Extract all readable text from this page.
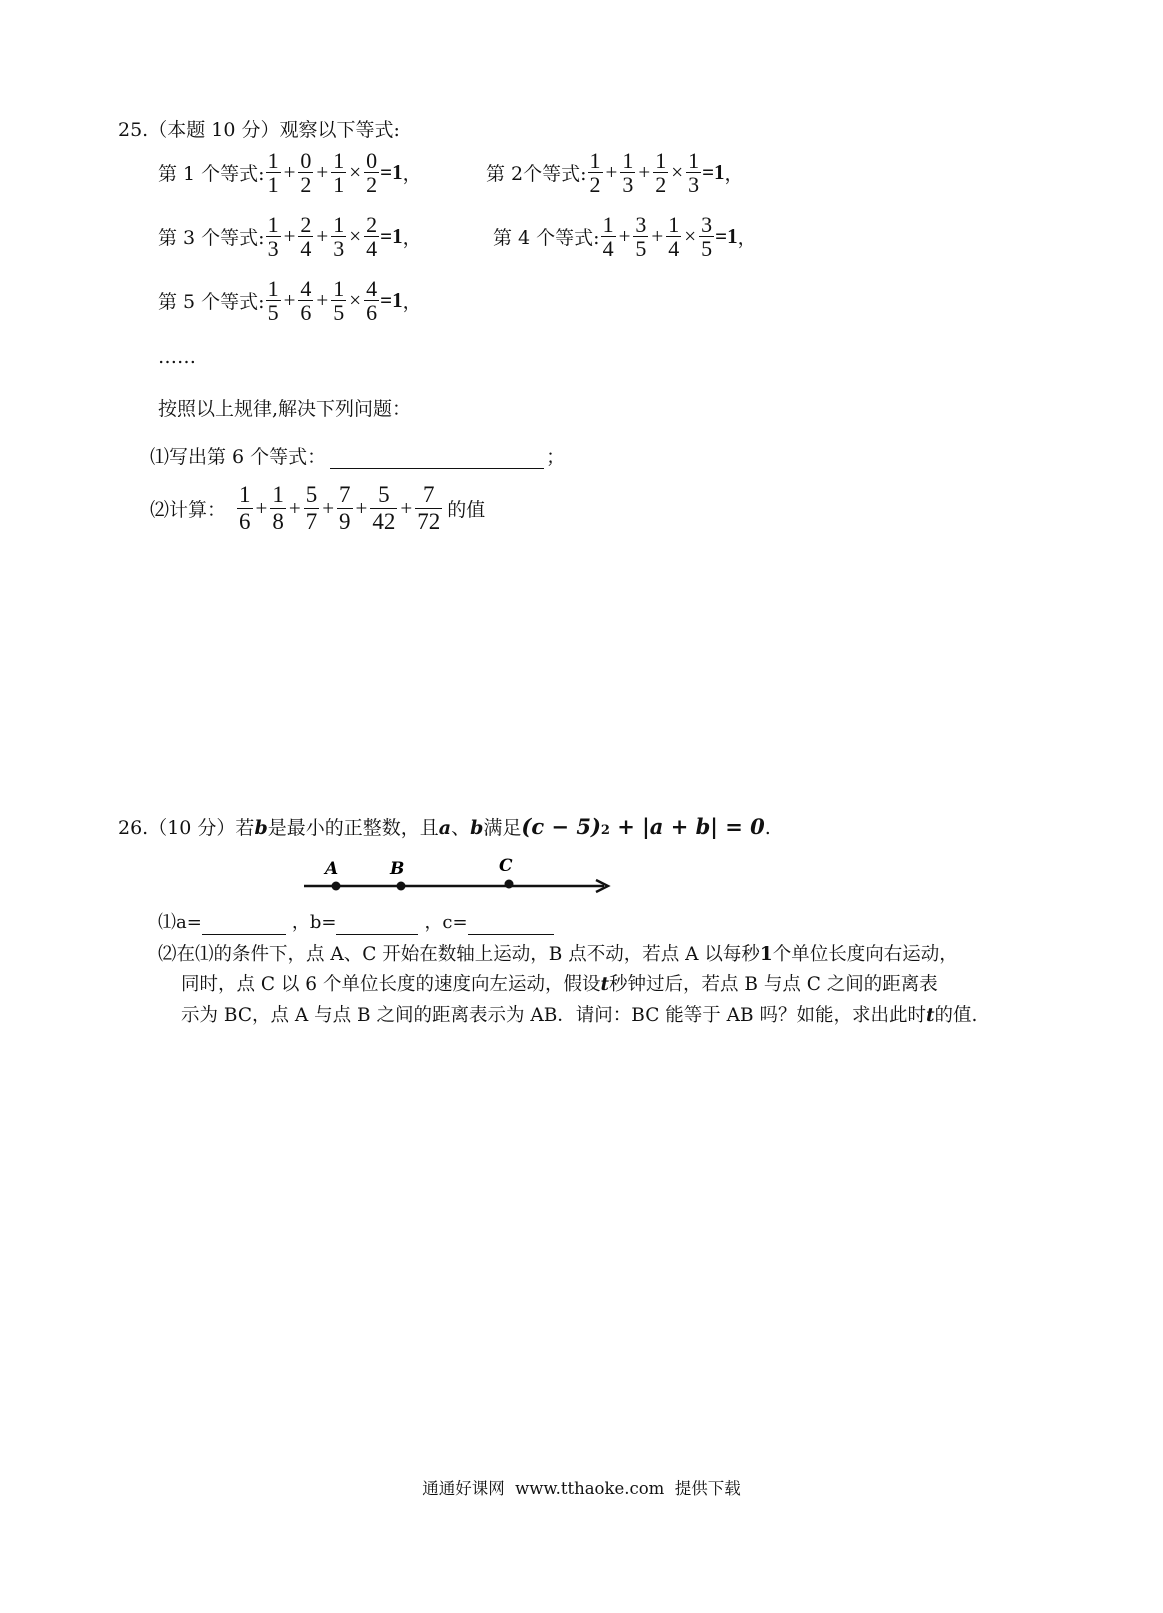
25.（本题 10 分）观察以下等式:
第 1 个等式: $\frac{1}{1} + \frac{0}{2} + \frac{1}{1} \times \frac{0}{2} =1$ ，	第 2个等式: $\frac{1}{2} + \frac{1}{3} + \frac{1}{2} \times \frac{1}{3} =1$ ，
第 3 个等式: $\frac{1}{3} + \frac{2}{4} + \frac{1}{3} \times \frac{2}{4} =1$ ，	第 4 个等式: $\frac{1}{4} + \frac{3}{5} + \frac{1}{4} \times \frac{3}{5} =1$ ，
第 5 个等式: $\frac{1}{5} + \frac{4}{6} + \frac{1}{5} \times \frac{4}{6} =1$ ，
……
按照以上规律,解决下列问题：
⑴写出第 6 个等式：	；
⑵计算： $\frac{1}{6} + \frac{1}{8} + \frac{5}{7} + \frac{7}{9} + \frac{5}{42} + \frac{7}{72}$ 的值
26.（10 分）若 b 是最小的正整数，且 a 、 b 满足 $(c - 5)_2 + |a + b| = 0$ .
A	B	C
⑴a=	，b=	，c=
⑵在⑴的条件下，点 A、C 开始在数轴上运动，B 点不动，若点 A 以每秒 1 个单位长度向右运动，
同时，点 C 以 6 个单位长度的速度向左运动，假设 t 秒钟过后，若点 B 与点 C 之间的距离表
示为 BC，点 A 与点 B 之间的距离表示为 AB．请问：BC 能等于 AB 吗？如能，求出此时 t 的值.
通通好课网  www.tthaoke.com  提供下载
